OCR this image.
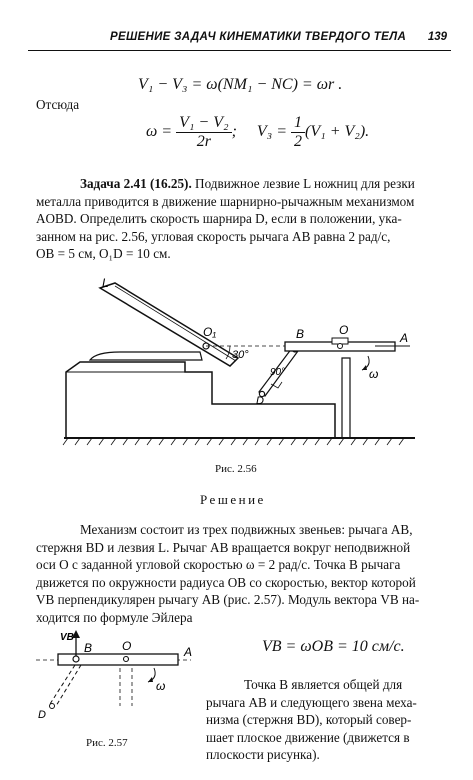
РЕШЕНИЕ ЗАДАЧ КИНЕМАТИКИ ТВЕРДОГО ТЕЛА 139
V₁ − V₃ = ω(NM₁ − NC) = ωr .
Отсюда
$\omega = \frac{\text{V₁ − V₂}}{2r}$ ; $V_3 = \frac{1}{2} (V_1 + V_2)$.
Задача 2.41 (16.25). Подвижное лезвие L ножниц для резки
металла приводится в движение шарнирно-рычажным механизмом
AOBD. Определить скорость шарнира D, если в положении, ука-
занном на рис. 2.56, угловая скорость рычага AB равна 2 рад/с,
OB = 5 см, O₁D = 10 см.
L
O₁
30°
90°
D
B	O
A
ω
Рис. 2.56
Решение
Механизм состоит из трех подвижных звеньев: рычага AB,
стержня BD и лезвия L. Рычаг AB вращается вокруг неподвижной
оси O с заданной угловой скоростью ω = 2 рад/с. Точка B рычага
движется по окружности радиуса OB со скоростью, вектор которой
VB перпендикулярен рычагу AB (рис. 2.57). Модуль вектора VB на-
ходится по формуле Эйлера
VB
B O	A
D
ω
Рис. 2.57
VB = ωOB = 10 см/с.
Точка B является общей для
рычага AB и следующего звена меха-
низма (стержня BD), который совер-
шает плоское движение (движется в
плоскости рисунка).
